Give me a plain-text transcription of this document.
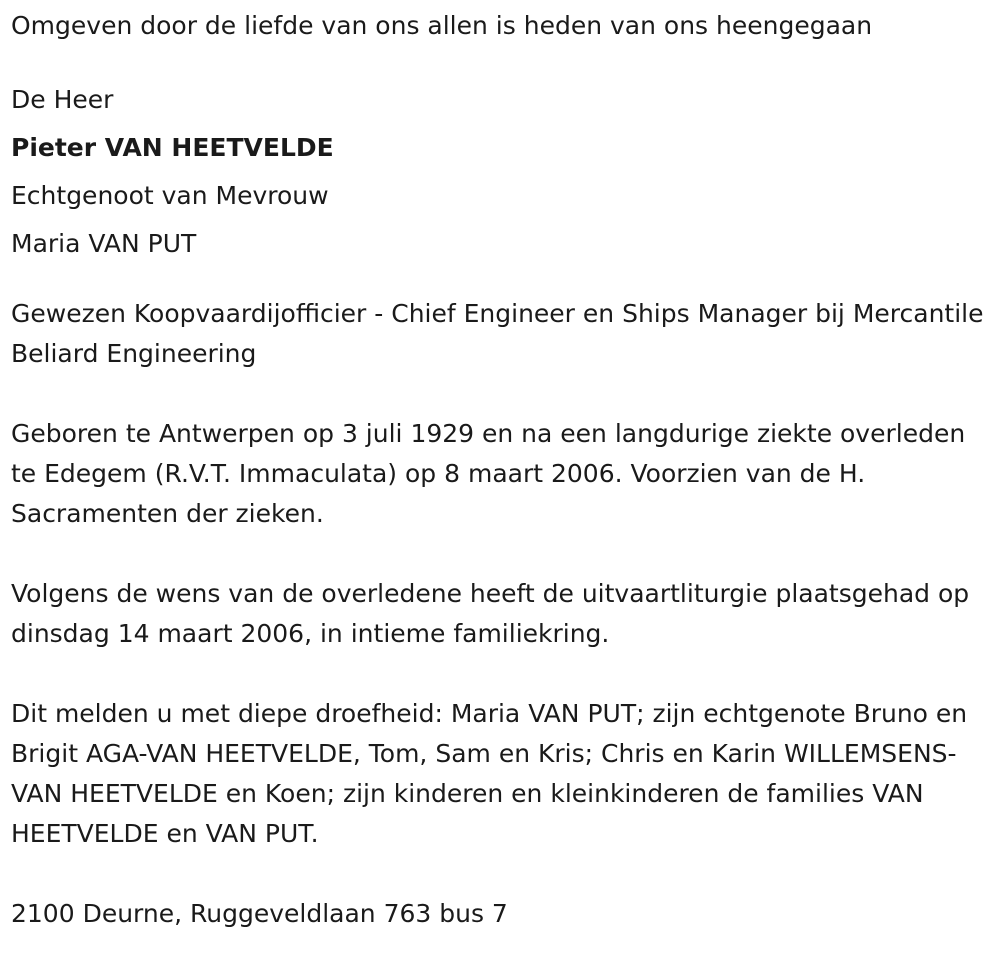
Omgeven door de liefde van ons allen is heden van ons heengegaan
De Heer
Pieter VAN HEETVELDE
Echtgenoot van Mevrouw
Maria VAN PUT

Gewezen Koopvaardijofficier - Chief Engineer en Ships Manager bij Mercantile Beliard Engineering

Geboren te Antwerpen op 3 juli 1929 en na een langdurige ziekte overleden te Edegem (R.V.T. Immaculata) op 8 maart 2006. Voorzien van de H. Sacramenten der zieken.

Volgens de wens van de overledene heeft de uitvaartliturgie plaatsgehad op dinsdag 14 maart 2006, in intieme familiekring.

Dit melden u met diepe droefheid: Maria VAN PUT; zijn echtgenote Bruno en Brigit AGA-VAN HEETVELDE, Tom, Sam en Kris; Chris en Karin WILLEMSENS-VAN HEETVELDE en Koen; zijn kinderen en kleinkinderen de families VAN HEETVELDE en VAN PUT.

2100 Deurne, Ruggeveldlaan 763 bus 7
